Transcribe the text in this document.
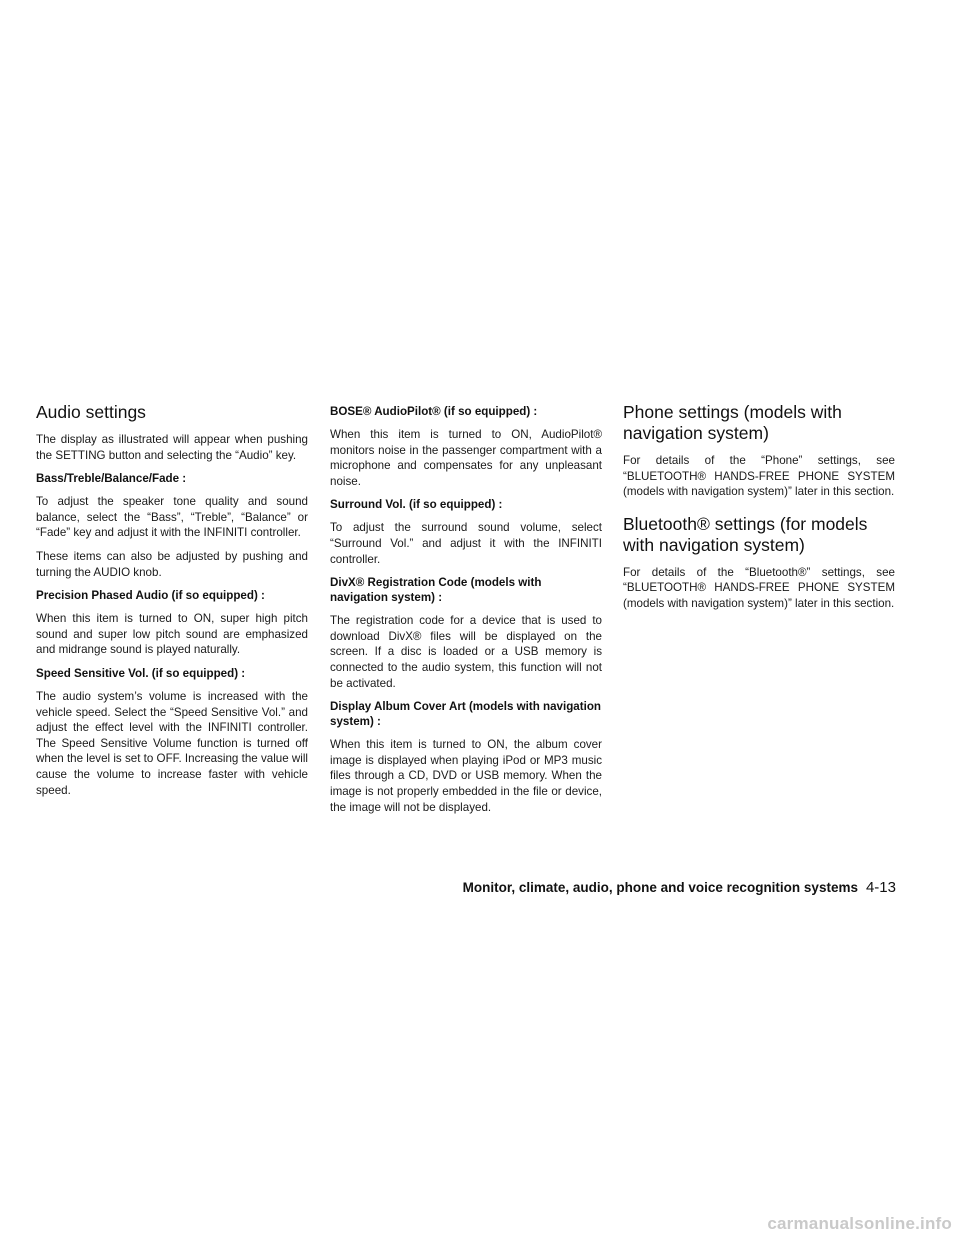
Audio settings

The display as illustrated will appear when pushing the SETTING button and selecting the “Audio” key.

Bass/Treble/Balance/Fade :

To adjust the speaker tone quality and sound balance, select the “Bass”, “Treble”, “Balance” or “Fade” key and adjust it with the INFINITI controller.

These items can also be adjusted by pushing and turning the AUDIO knob.

Precision Phased Audio (if so equipped) :

When this item is turned to ON, super high pitch sound and super low pitch sound are emphasized and midrange sound is played naturally.

Speed Sensitive Vol. (if so equipped) :

The audio system’s volume is increased with the vehicle speed. Select the “Speed Sensitive Vol.” and adjust the effect level with the INFINITI controller. The Speed Sensitive Volume function is turned off when the level is set to OFF. Increasing the value will cause the volume to increase faster with vehicle speed.

BOSE® AudioPilot® (if so equipped) :

When this item is turned to ON, AudioPilot® monitors noise in the passenger compartment with a microphone and compensates for any unpleasant noise.

Surround Vol. (if so equipped) :

To adjust the surround sound volume, select “Surround Vol.” and adjust it with the INFINITI controller.

DivX® Registration Code (models with navigation system) :

The registration code for a device that is used to download DivX® files will be displayed on the screen. If a disc is loaded or a USB memory is connected to the audio system, this function will not be activated.

Display Album Cover Art (models with navigation system) :

When this item is turned to ON, the album cover image is displayed when playing iPod or MP3 music files through a CD, DVD or USB memory. When the image is not properly embedded in the file or device, the image will not be displayed.

Phone settings (models with navigation system)

For details of the “Phone” settings, see “BLUETOOTH® HANDS-FREE PHONE SYSTEM (models with navigation system)” later in this section.

Bluetooth® settings (for models with navigation system)

For details of the “Bluetooth®” settings, see “BLUETOOTH® HANDS-FREE PHONE SYSTEM (models with navigation system)” later in this section.

Monitor, climate, audio, phone and voice recognition systems 4-13
carmanualsonline.info
